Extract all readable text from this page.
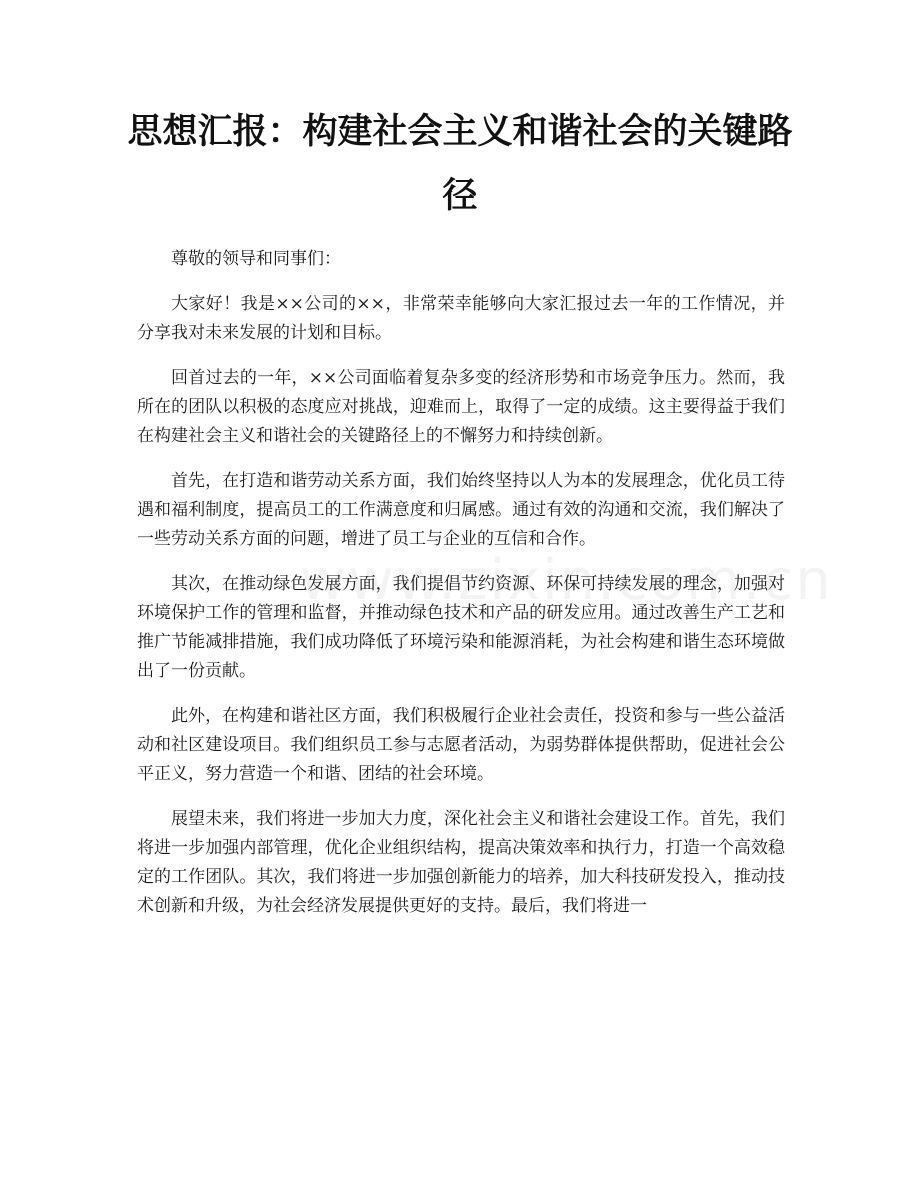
思想汇报：构建社会主义和谐社会的关键路径

尊敬的领导和同事们：

大家好！我是××公司的××，非常荣幸能够向大家汇报过去一年的工作情况，并分享我对未来发展的计划和目标。

回首过去的一年，××公司面临着复杂多变的经济形势和市场竞争压力。然而，我所在的团队以积极的态度应对挑战，迎难而上，取得了一定的成绩。这主要得益于我们在构建社会主义和谐社会的关键路径上的不懈努力和持续创新。

首先，在打造和谐劳动关系方面，我们始终坚持以人为本的发展理念，优化员工待遇和福利制度，提高员工的工作满意度和归属感。通过有效的沟通和交流，我们解决了一些劳动关系方面的问题，增进了员工与企业的互信和合作。

其次，在推动绿色发展方面，我们提倡节约资源、环保可持续发展的理念，加强对环境保护工作的管理和监督，并推动绿色技术和产品的研发应用。通过改善生产工艺和推广节能减排措施，我们成功降低了环境污染和能源消耗，为社会构建和谐生态环境做出了一份贡献。

此外，在构建和谐社区方面，我们积极履行企业社会责任，投资和参与一些公益活动和社区建设项目。我们组织员工参与志愿者活动，为弱势群体提供帮助，促进社会公平正义，努力营造一个和谐、团结的社会环境。

展望未来，我们将进一步加大力度，深化社会主义和谐社会建设工作。首先，我们将进一步加强内部管理，优化企业组织结构，提高决策效率和执行力，打造一个高效稳定的工作团队。其次，我们将进一步加强创新能力的培养，加大科技研发投入，推动技术创新和升级，为社会经济发展提供更好的支持。最后，我们将进一
